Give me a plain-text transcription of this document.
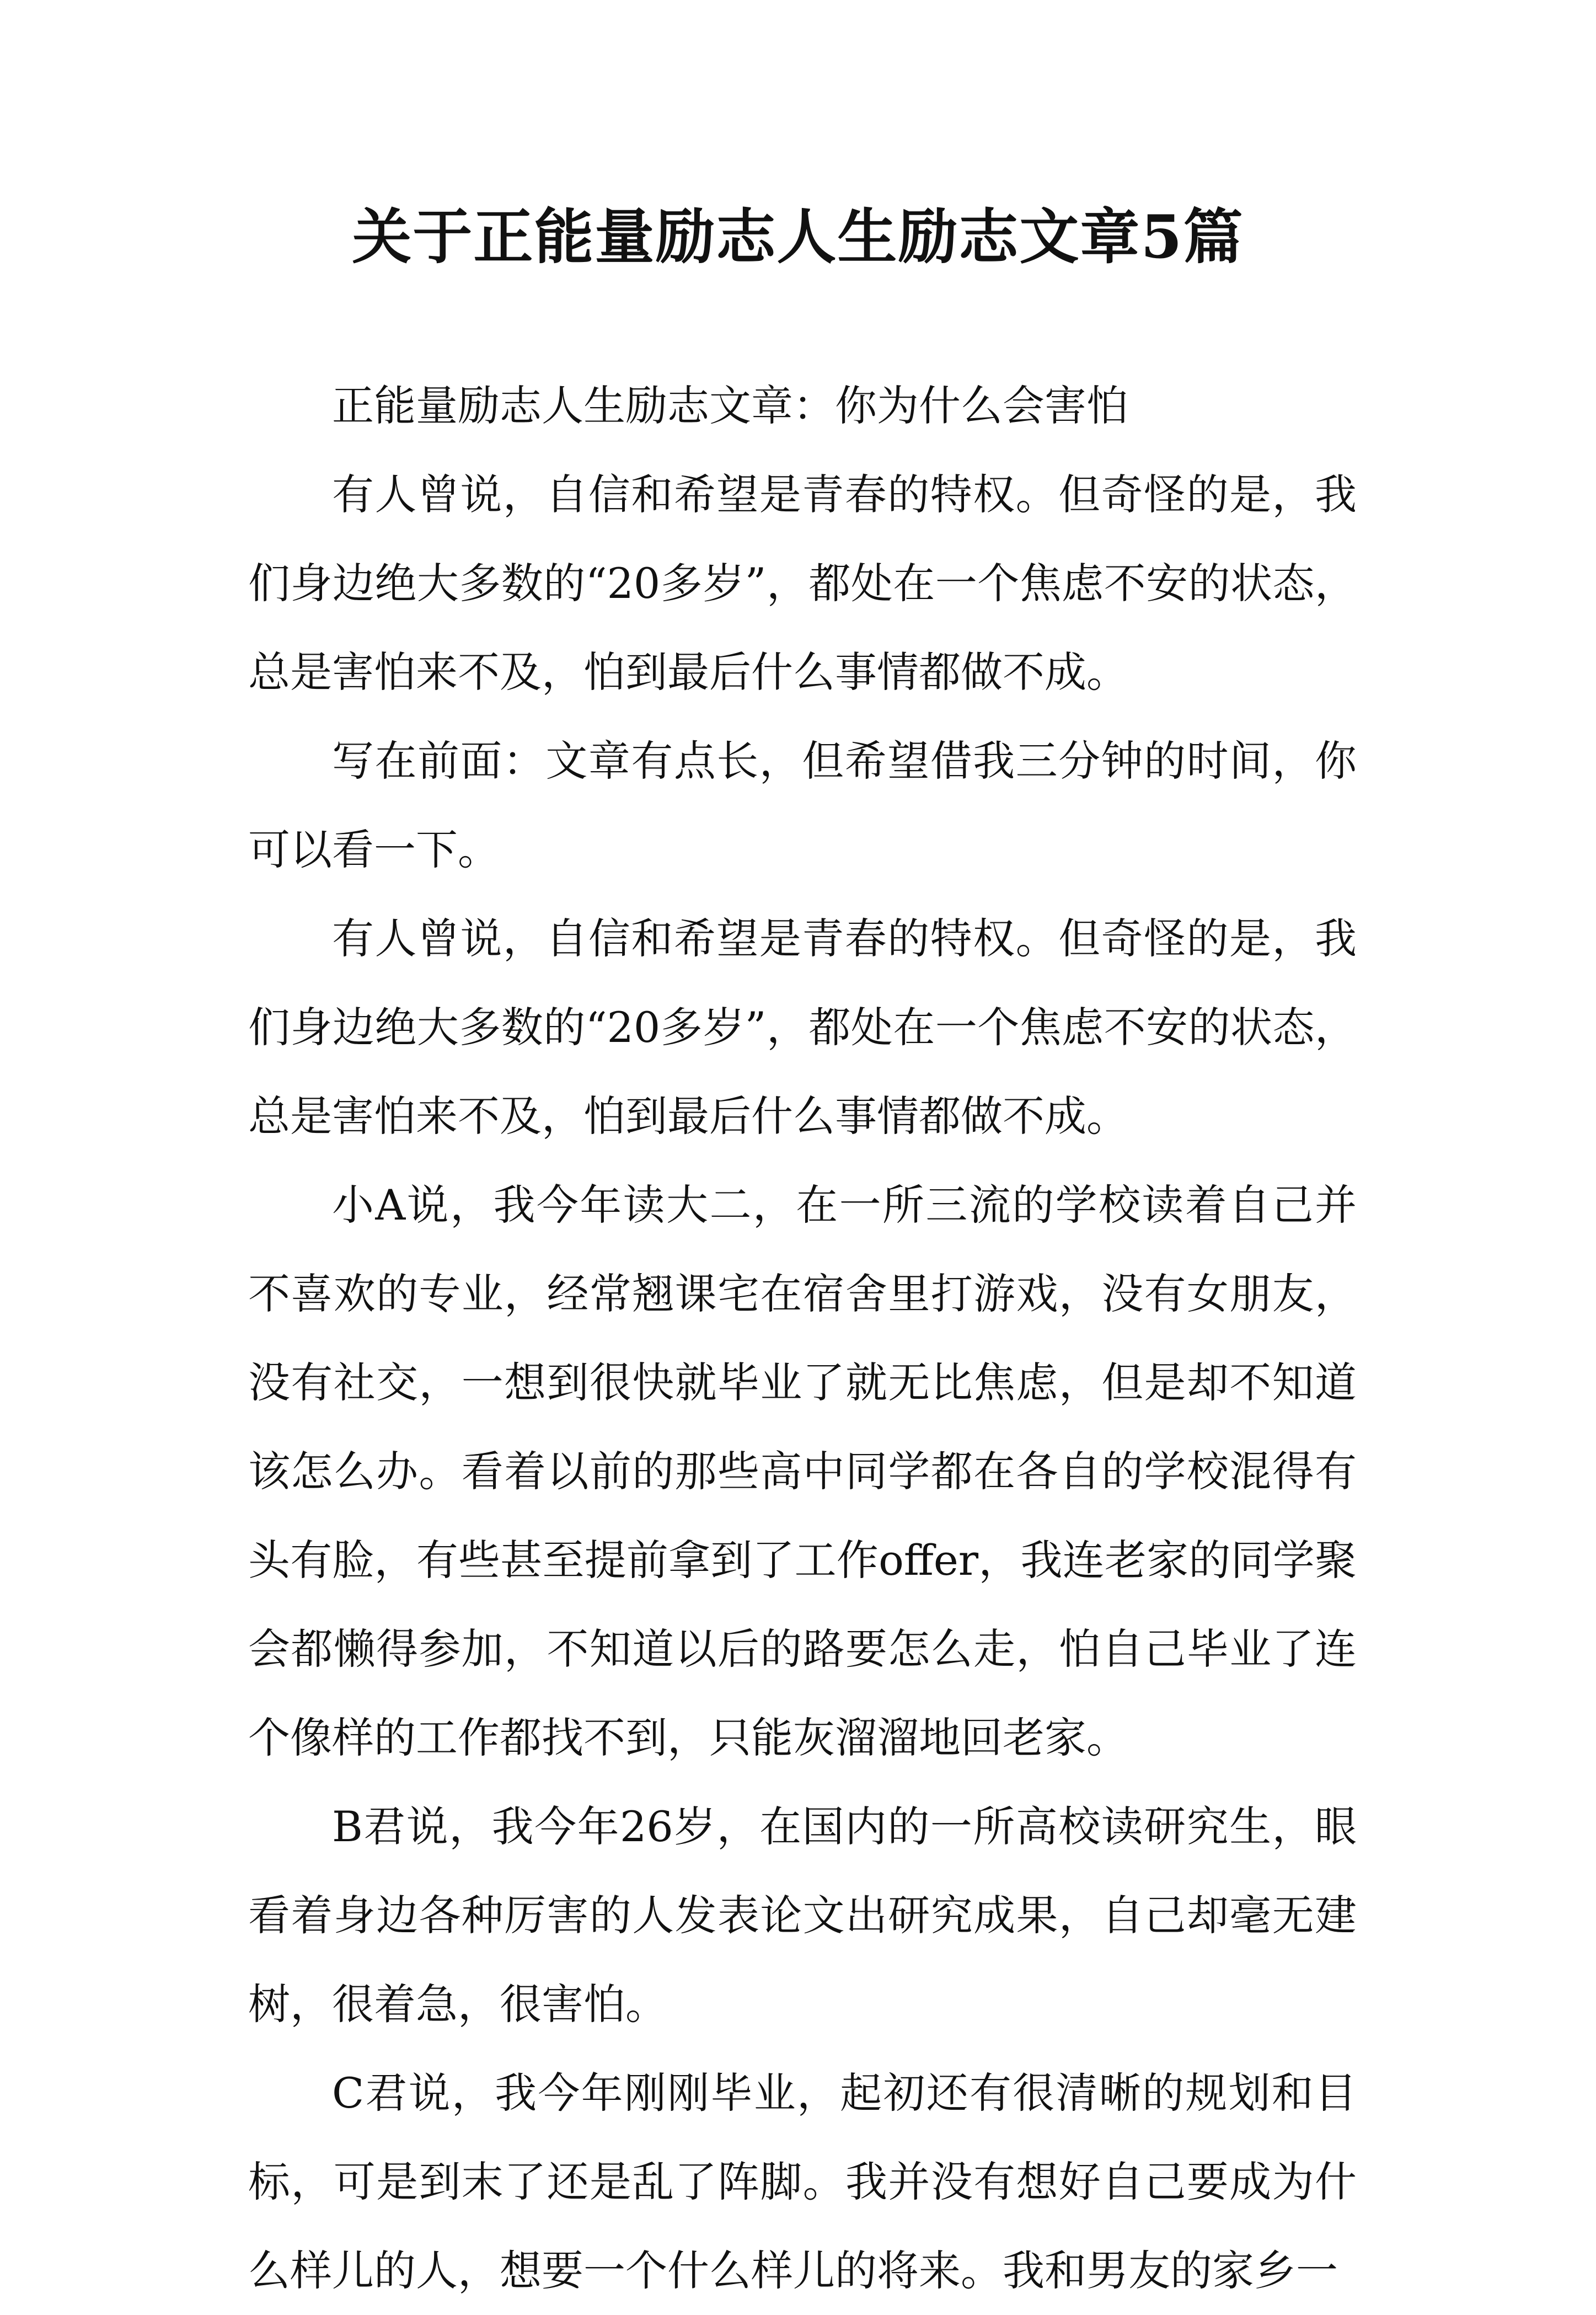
关于正能量励志人生励志文章5篇

正能量励志人生励志文章：你为什么会害怕

有人曾说，自信和希望是青春的特权。但奇怪的是，我们身边绝大多数的“20多岁”，都处在一个焦虑不安的状态，总是害怕来不及，怕到最后什么事情都做不成。

写在前面：文章有点长，但希望借我三分钟的时间，你可以看一下。

有人曾说，自信和希望是青春的特权。但奇怪的是，我们身边绝大多数的“20多岁”，都处在一个焦虑不安的状态，总是害怕来不及，怕到最后什么事情都做不成。

小A说，我今年读大二，在一所三流的学校读着自己并不喜欢的专业，经常翘课宅在宿舍里打游戏，没有女朋友，没有社交，一想到很快就毕业了就无比焦虑，但是却不知道该怎么办。看着以前的那些高中同学都在各自的学校混得有头有脸，有些甚至提前拿到了工作offer，我连老家的同学聚会都懒得参加，不知道以后的路要怎么走，怕自己毕业了连个像样的工作都找不到，只能灰溜溜地回老家。

B君说，我今年26岁，在国内的一所高校读研究生，眼看着身边各种厉害的人发表论文出研究成果，自己却毫无建树，很着急，很害怕。

C君说，我今年刚刚毕业，起初还有很清晰的规划和目标，可是到末了还是乱了阵脚。我并没有想好自己要成为什么样儿的人，想要一个什么样儿的将来。我和男友的家乡一
